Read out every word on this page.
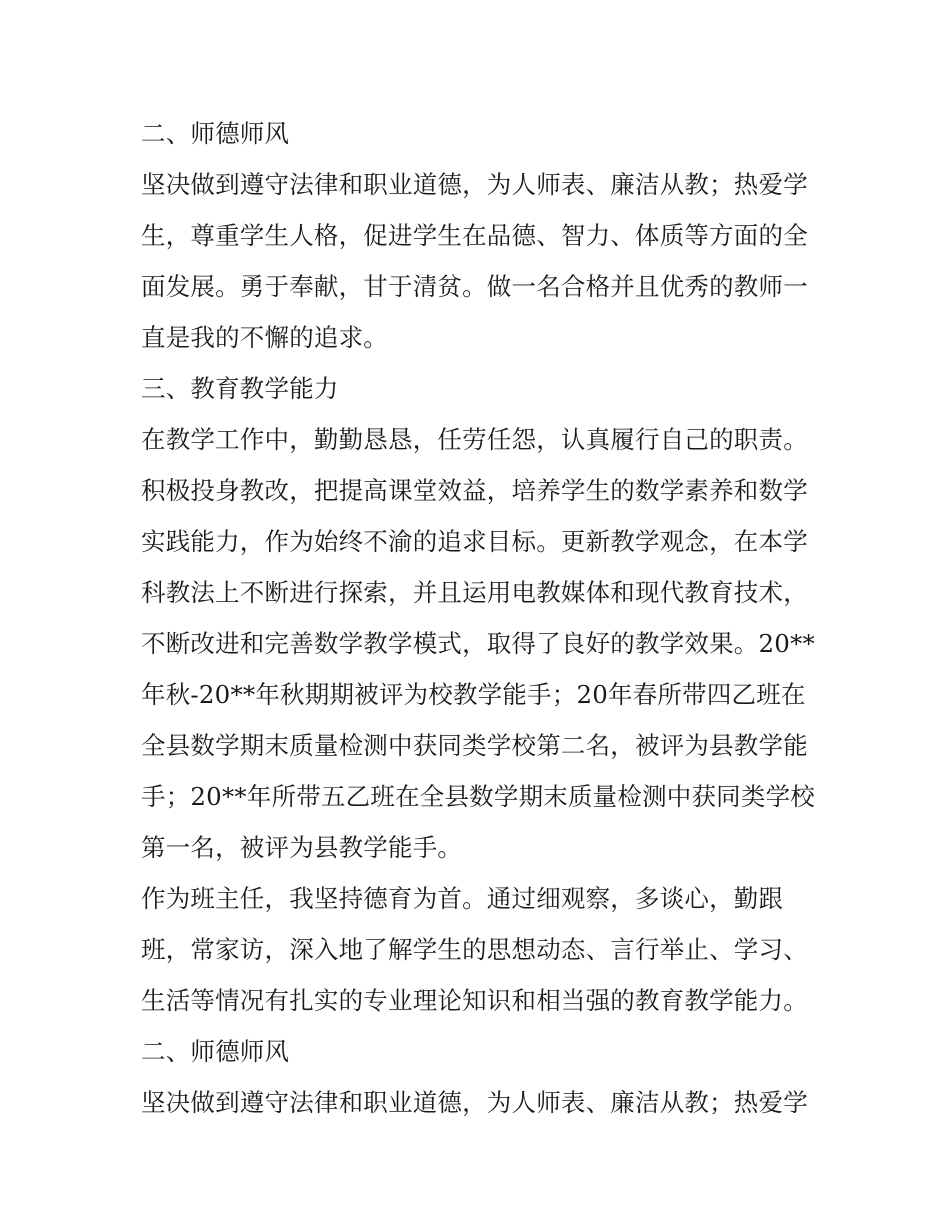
二、师德师风
坚决做到遵守法律和职业道德，为人师表、廉洁从教；热爱学
生，尊重学生人格，促进学生在品德、智力、体质等方面的全
面发展。勇于奉献，甘于清贫。做一名合格并且优秀的教师一
直是我的不懈的追求。
三、教育教学能力
在教学工作中，勤勤恳恳，任劳任怨，认真履行自己的职责。
积极投身教改，把提高课堂效益，培养学生的数学素养和数学
实践能力，作为始终不渝的追求目标。更新教学观念，在本学
科教法上不断进行探索，并且运用电教媒体和现代教育技术，
不断改进和完善数学教学模式，取得了良好的教学效果。20**
年秋-20**年秋期期被评为校教学能手；20年春所带四乙班在
全县数学期末质量检测中获同类学校第二名，被评为县教学能
手；20**年所带五乙班在全县数学期末质量检测中获同类学校
第一名，被评为县教学能手。
作为班主任，我坚持德育为首。通过细观察，多谈心，勤跟
班，常家访，深入地了解学生的思想动态、言行举止、学习、
生活等情况有扎实的专业理论知识和相当强的教育教学能力。
二、师德师风
坚决做到遵守法律和职业道德，为人师表、廉洁从教；热爱学
